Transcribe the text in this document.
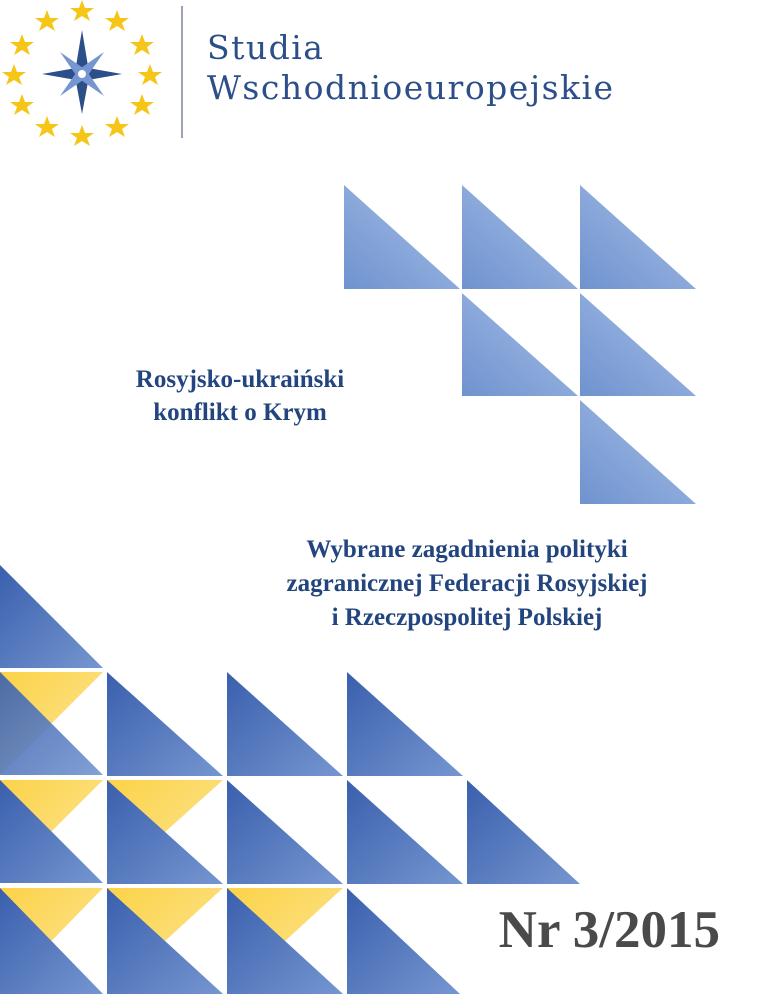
Studia
Wschodnioeuropejskie
Rosyjsko-ukraiński
konflikt o Krym
Wybrane zagadnienia polityki
zagranicznej Federacji Rosyjskiej
i Rzeczpospolitej Polskiej
Nr 3/2015
